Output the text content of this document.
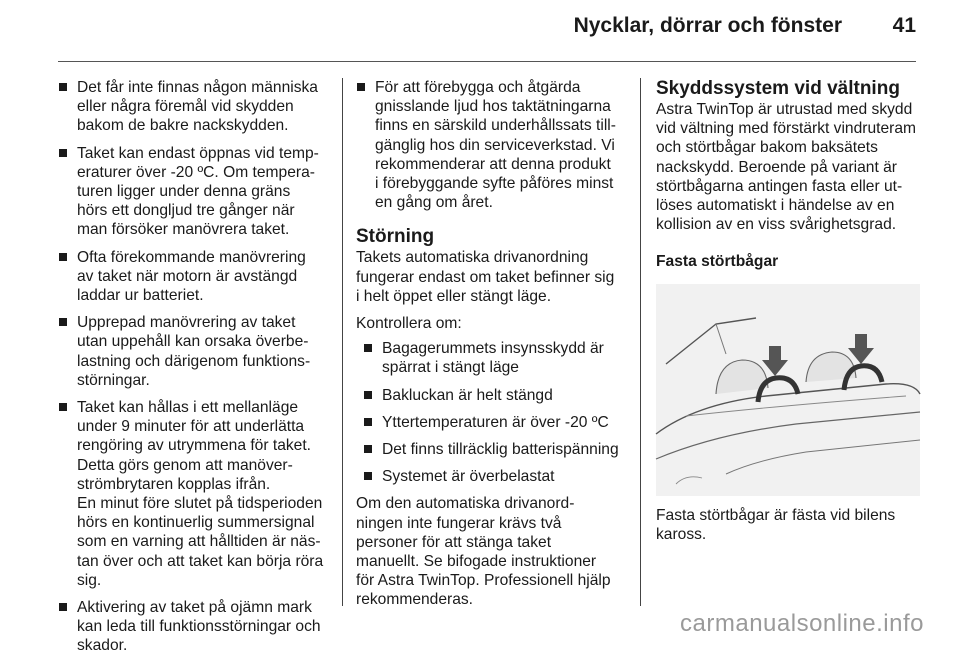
Nycklar, dörrar och fönster 41
Det får inte finnas någon människa
eller några föremål vid skydden
bakom de bakre nackskydden.
Taket kan endast öppnas vid temp-
eraturer över -20 ºC. Om tempera-
turen ligger under denna gräns
hörs ett dongljud tre gånger när
man försöker manövrera taket.
Ofta förekommande manövrering
av taket när motorn är avstängd
laddar ur batteriet.
Upprepad manövrering av taket
utan uppehåll kan orsaka överbe-
lastning och därigenom funktions-
störningar.
Taket kan hållas i ett mellanläge
under 9 minuter för att underlätta
rengöring av utrymmena för taket.
Detta görs genom att manöver-
strömbrytaren kopplas ifrån.
En minut före slutet på tidsperioden
hörs en kontinuerlig summersignal
som en varning att hålltiden är näs-
tan över och att taket kan börja röra
sig.
Aktivering av taket på ojämn mark
kan leda till funktionsstörningar och
skador.
För att förebygga och åtgärda
gnisslande ljud hos taktätningarna
finns en särskild underhållssats till-
gänglig hos din serviceverkstad. Vi
rekommenderar att denna produkt
i förebyggande syfte påföres minst
en gång om året.
Störning
Takets automatiska drivanordning
fungerar endast om taket befinner sig
i helt öppet eller stängt läge.
Kontrollera om:
Bagagerummets insynsskydd är
spärrat i stängt läge
Bakluckan är helt stängd
Yttertemperaturen är över -20 ºC
Det finns tillräcklig batterispänning
Systemet är överbelastat
Om den automatiska drivanord-
ningen inte fungerar krävs två
personer för att stänga taket
manuellt. Se bifogade instruktioner
för Astra TwinTop. Professionell hjälp
rekommenderas.
Skyddssystem vid vältning
Astra TwinTop är utrustad med skydd
vid vältning med förstärkt vindruteram
och störtbågar bakom baksätets
nackskydd. Beroende på variant är
störtbågarna antingen fasta eller ut-
löses automatiskt i händelse av en
kollision av en viss svårighetsgrad.
Fasta störtbågar
Fasta störtbågar är fästa vid bilens
kaross.
carmanualsonline.info
